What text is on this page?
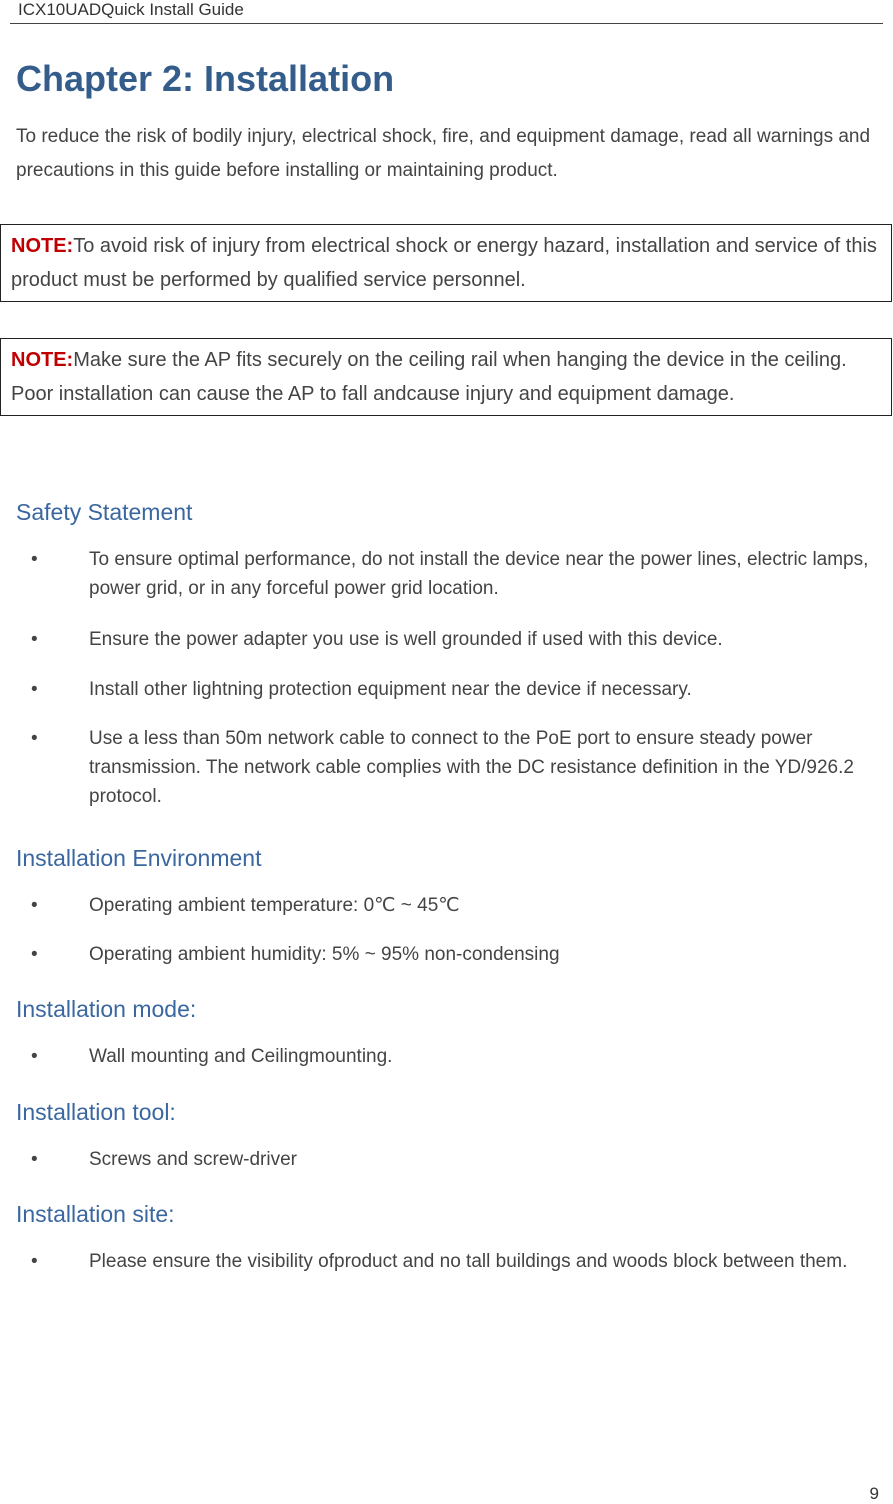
ICX10UADQuick Install Guide
Chapter 2: Installation

To reduce the risk of bodily injury, electrical shock, fire, and equipment damage, read all warnings and precautions in this guide before installing or maintaining product.

NOTE:To avoid risk of injury from electrical shock or energy hazard, installation and service of this product must be performed by qualified service personnel.
NOTE:Make sure the AP fits securely on the ceiling rail when hanging the device in the ceiling. Poor installation can cause the AP to fall andcause injury and equipment damage.
Safety Statement

• To ensure optimal performance, do not install the device near the power lines, electric lamps, power grid, or in any forceful power grid location.

• Ensure the power adapter you use is well grounded if used with this device.

• Install other lightning protection equipment near the device if necessary.

• Use a less than 50m network cable to connect to the PoE port to ensure steady power transmission. The network cable complies with the DC resistance definition in the YD/926.2 protocol.

Installation Environment

• Operating ambient temperature: 0℃ ~ 45℃

• Operating ambient humidity: 5% ~ 95% non-condensing

Installation mode:

• Wall mounting and Ceilingmounting.

Installation tool:

• Screws and screw-driver

Installation site:

• Please ensure the visibility ofproduct and no tall buildings and woods block between them.

9
